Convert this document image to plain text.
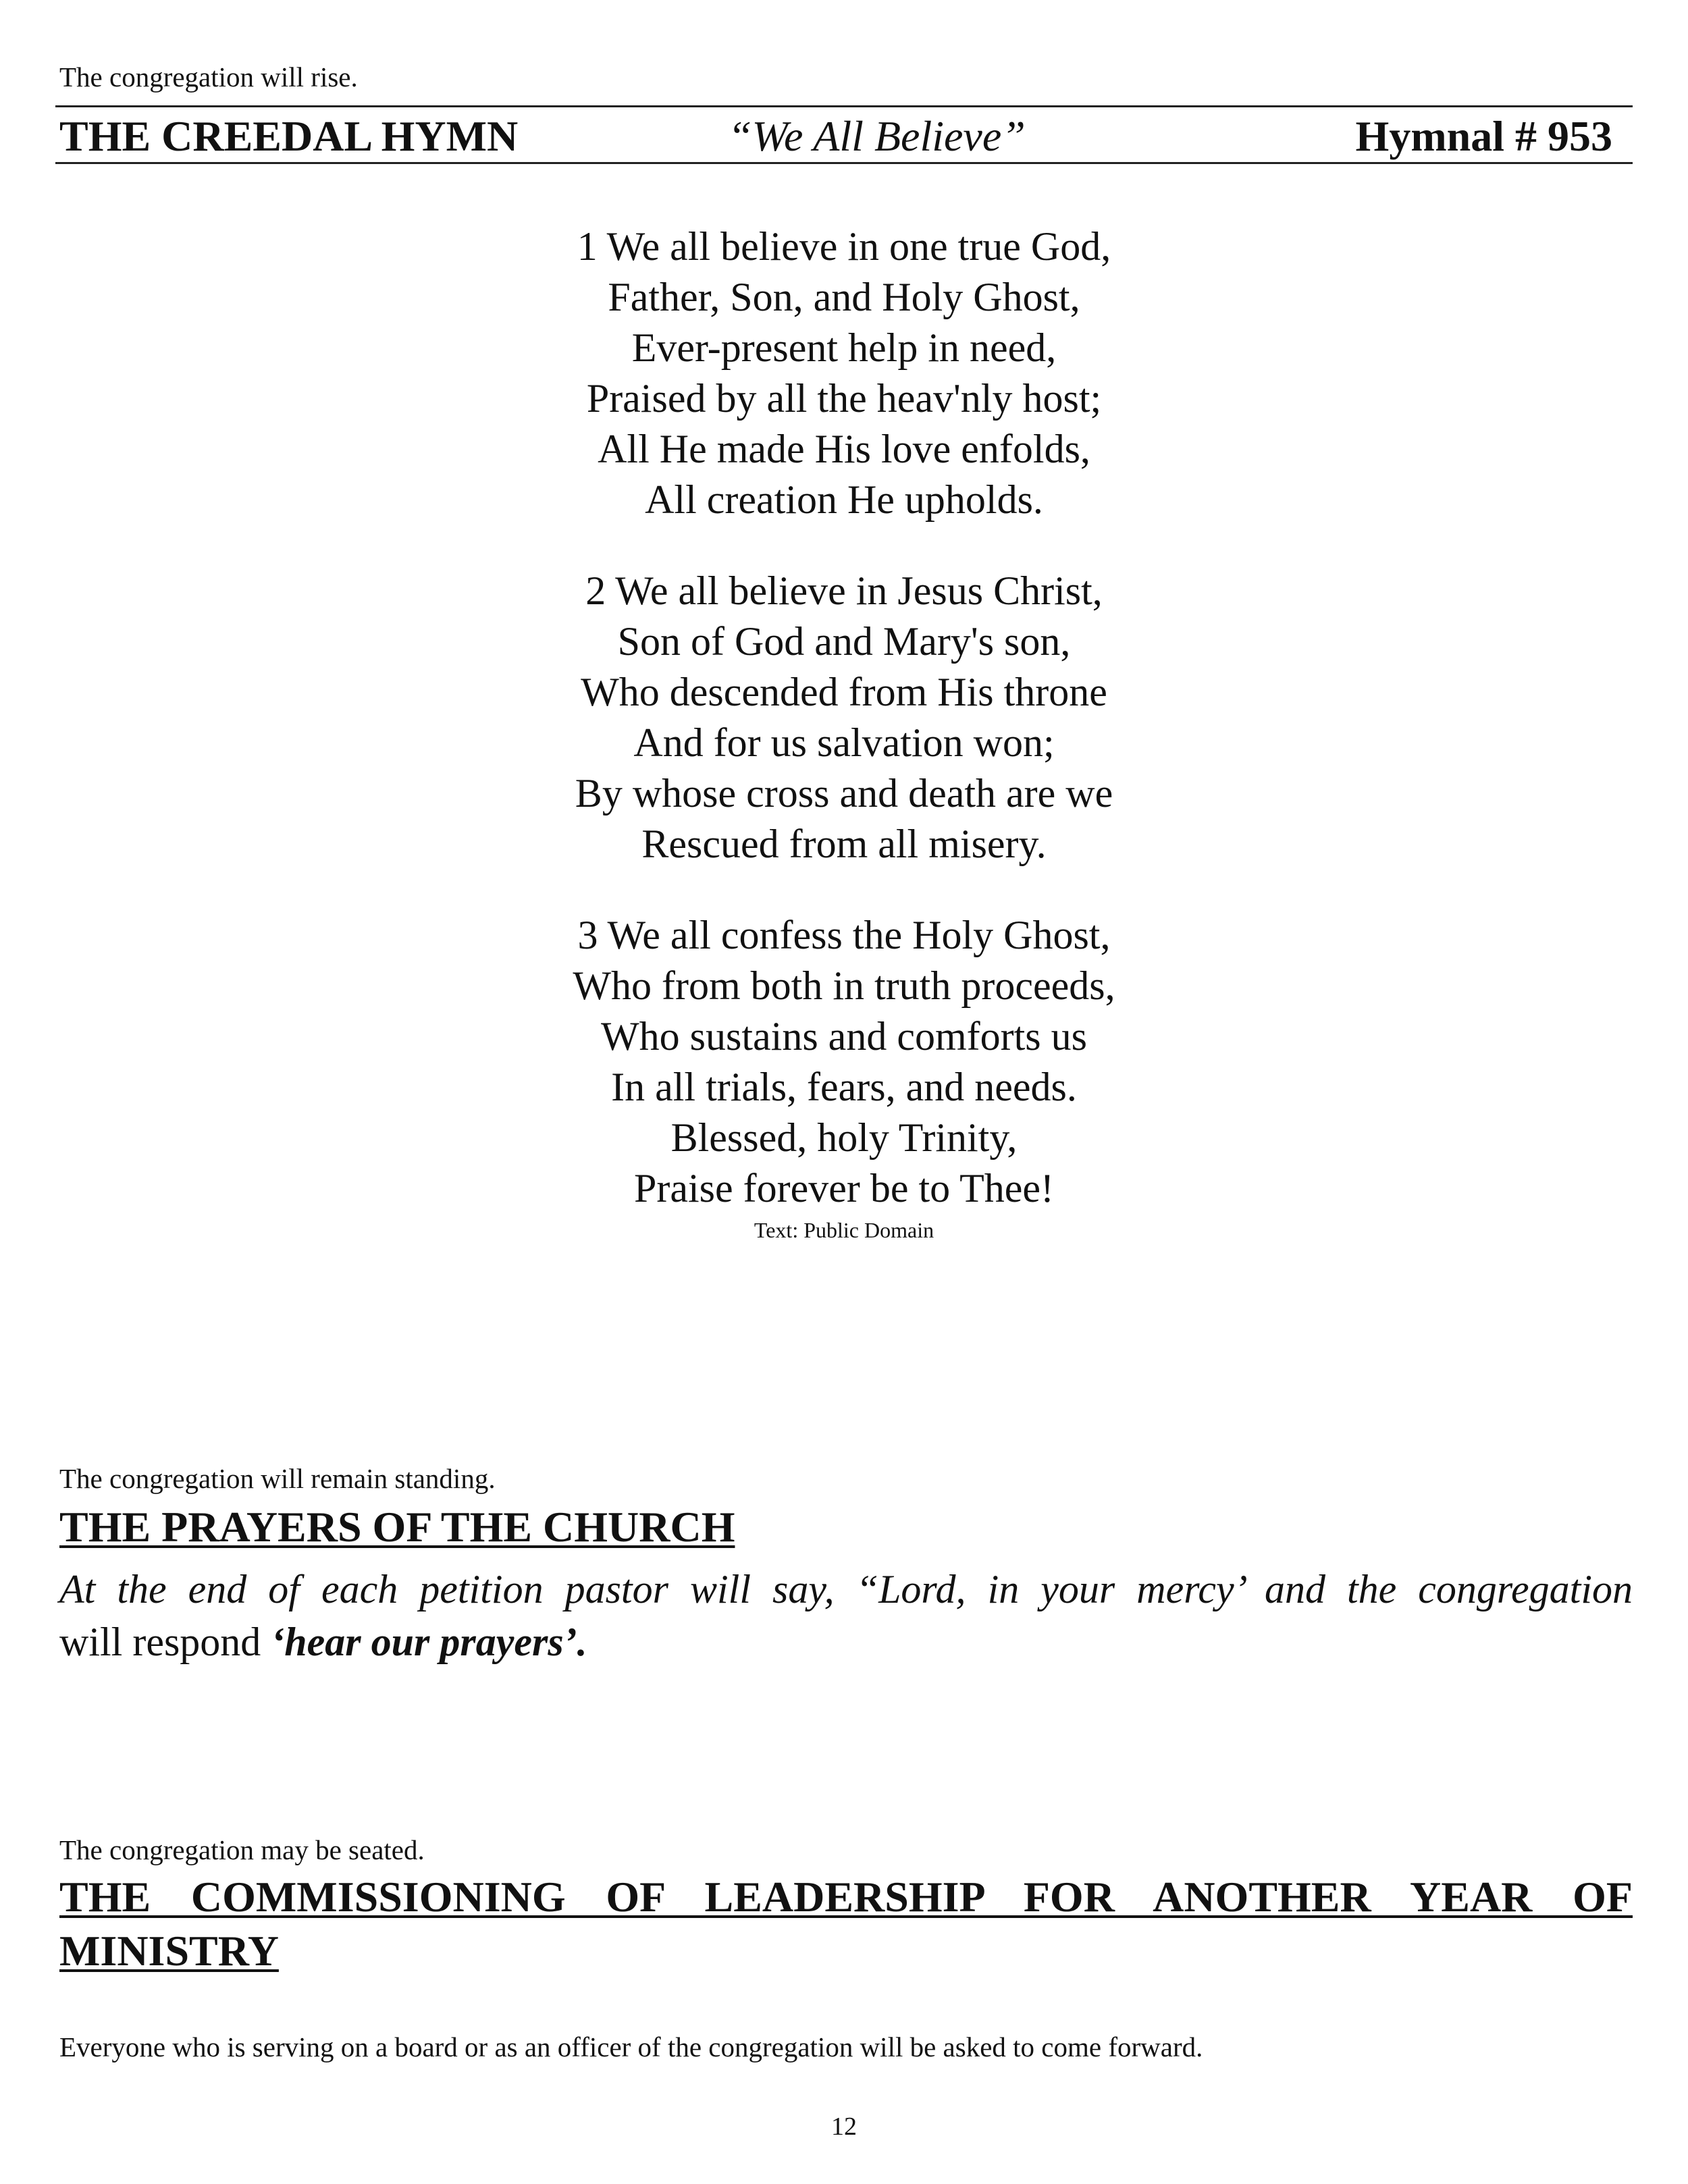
The congregation will rise.
THE CREEDAL HYMN	“We All Believe”	Hymnal # 953
1 We all believe in one true God,
Father, Son, and Holy Ghost,
Ever-present help in need,
Praised by all the heav'nly host;
All He made His love enfolds,
All creation He upholds.
2 We all believe in Jesus Christ,
Son of God and Mary's son,
Who descended from His throne
And for us salvation won;
By whose cross and death are we
Rescued from all misery.
3 We all confess the Holy Ghost,
Who from both in truth proceeds,
Who sustains and comforts us
In all trials, fears, and needs.
Blessed, holy Trinity,
Praise forever be to Thee!
Text: Public Domain
The congregation will remain standing.
THE PRAYERS OF THE CHURCH
At the end of each petition pastor will say, “Lord, in your mercy’ and the congregation
will respond ‘hear our prayers’.
The congregation may be seated.
THE COMMISSIONING OF LEADERSHIP FOR ANOTHER YEAR OF
MINISTRY
Everyone who is serving on a board or as an officer of the congregation will be asked to come forward.
12
